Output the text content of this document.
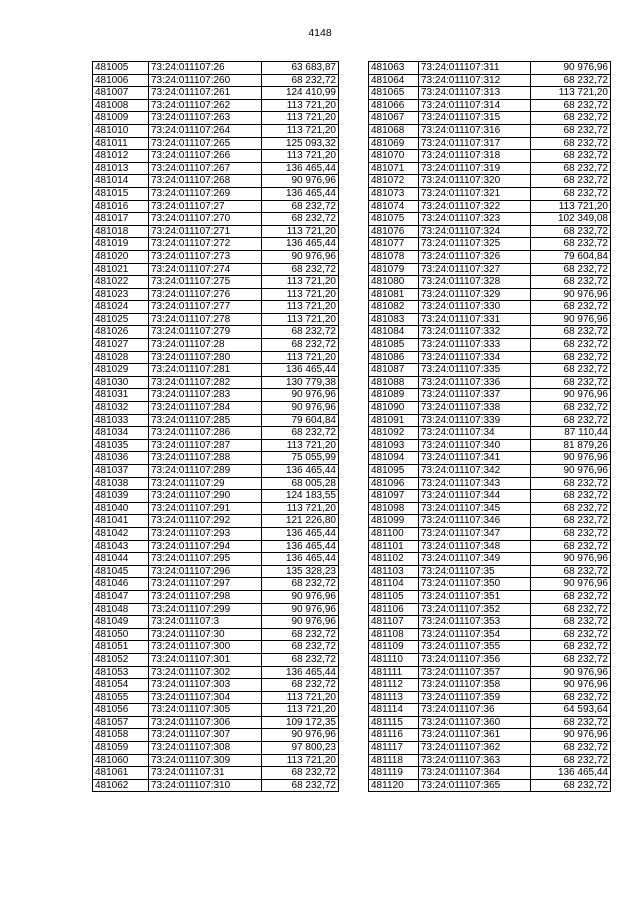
4148
481005	73:24:011107:26	63 683,87
481006	73:24:011107:260	68 232,72
481007	73:24:011107:261	124 410,99
481008	73:24:011107:262	113 721,20
481009	73:24:011107:263	113 721,20
481010	73:24:011107:264	113 721,20
481011	73:24:011107:265	125 093,32
481012	73:24:011107:266	113 721,20
481013	73:24:011107:267	136 465,44
481014	73:24:011107:268	90 976,96
481015	73:24:011107:269	136 465,44
481016	73:24:011107:27	68 232,72
481017	73:24:011107:270	68 232,72
481018	73:24:011107:271	113 721,20
481019	73:24:011107:272	136 465,44
481020	73:24:011107:273	90 976,96
481021	73:24:011107:274	68 232,72
481022	73:24:011107:275	113 721,20
481023	73:24:011107:276	113 721,20
481024	73:24:011107:277	113 721,20
481025	73:24:011107:278	113 721,20
481026	73:24:011107:279	68 232,72
481027	73:24:011107:28	68 232,72
481028	73:24:011107:280	113 721,20
481029	73:24:011107:281	136 465,44
481030	73:24:011107:282	130 779,38
481031	73:24:011107:283	90 976,96
481032	73:24:011107:284	90 976,96
481033	73:24:011107:285	79 604,84
481034	73:24:011107:286	68 232,72
481035	73:24:011107:287	113 721,20
481036	73:24:011107:288	75 055,99
481037	73:24:011107:289	136 465,44
481038	73:24:011107:29	68 005,28
481039	73:24:011107:290	124 183,55
481040	73:24:011107:291	113 721,20
481041	73:24:011107:292	121 226,80
481042	73:24:011107:293	136 465,44
481043	73:24:011107:294	136 465,44
481044	73:24:011107:295	136 465,44
481045	73:24:011107:296	135 328,23
481046	73:24:011107:297	68 232,72
481047	73:24:011107:298	90 976,96
481048	73:24:011107:299	90 976,96
481049	73:24:011107:3	90 976,96
481050	73:24:011107:30	68 232,72
481051	73:24:011107:300	68 232,72
481052	73:24:011107:301	68 232,72
481053	73:24:011107:302	136 465,44
481054	73:24:011107:303	68 232,72
481055	73:24:011107:304	113 721,20
481056	73:24:011107:305	113 721,20
481057	73:24:011107:306	109 172,35
481058	73:24:011107:307	90 976,96
481059	73:24:011107:308	97 800,23
481060	73:24:011107:309	113 721,20
481061	73:24:011107:31	68 232,72
481062	73:24:011107:310	68 232,72
481063	73:24:011107:311	90 976,96
481064	73:24:011107:312	68 232,72
481065	73:24:011107:313	113 721,20
481066	73:24:011107:314	68 232,72
481067	73:24:011107:315	68 232,72
481068	73:24:011107:316	68 232,72
481069	73:24:011107:317	68 232,72
481070	73:24:011107:318	68 232,72
481071	73:24:011107:319	68 232,72
481072	73:24:011107:320	68 232,72
481073	73:24:011107:321	68 232,72
481074	73:24:011107:322	113 721,20
481075	73:24:011107:323	102 349,08
481076	73:24:011107:324	68 232,72
481077	73:24:011107:325	68 232,72
481078	73:24:011107:326	79 604,84
481079	73:24:011107:327	68 232,72
481080	73:24:011107:328	68 232,72
481081	73:24:011107:329	90 976,96
481082	73:24:011107:330	68 232,72
481083	73:24:011107:331	90 976,96
481084	73:24:011107:332	68 232,72
481085	73:24:011107:333	68 232,72
481086	73:24:011107:334	68 232,72
481087	73:24:011107:335	68 232,72
481088	73:24:011107:336	68 232,72
481089	73:24:011107:337	90 976,96
481090	73:24:011107:338	68 232,72
481091	73:24:011107:339	68 232,72
481092	73:24:011107:34	87 110,44
481093	73:24:011107:340	81 879,26
481094	73:24:011107:341	90 976,96
481095	73:24:011107:342	90 976,96
481096	73:24:011107:343	68 232,72
481097	73:24:011107:344	68 232,72
481098	73:24:011107:345	68 232,72
481099	73:24:011107:346	68 232,72
481100	73:24:011107:347	68 232,72
481101	73:24:011107:348	68 232,72
481102	73:24:011107:349	90 976,96
481103	73:24:011107:35	68 232,72
481104	73:24:011107:350	90 976,96
481105	73:24:011107:351	68 232,72
481106	73:24:011107:352	68 232,72
481107	73:24:011107:353	68 232,72
481108	73:24:011107:354	68 232,72
481109	73:24:011107:355	68 232,72
481110	73:24:011107:356	68 232,72
481111	73:24:011107:357	90 976,96
481112	73:24:011107:358	90 976,96
481113	73:24:011107:359	68 232,72
481114	73:24:011107:36	64 593,64
481115	73:24:011107:360	68 232,72
481116	73:24:011107:361	90 976,96
481117	73:24:011107:362	68 232,72
481118	73:24:011107:363	68 232,72
481119	73:24:011107:364	136 465,44
481120	73:24:011107:365	68 232,72
